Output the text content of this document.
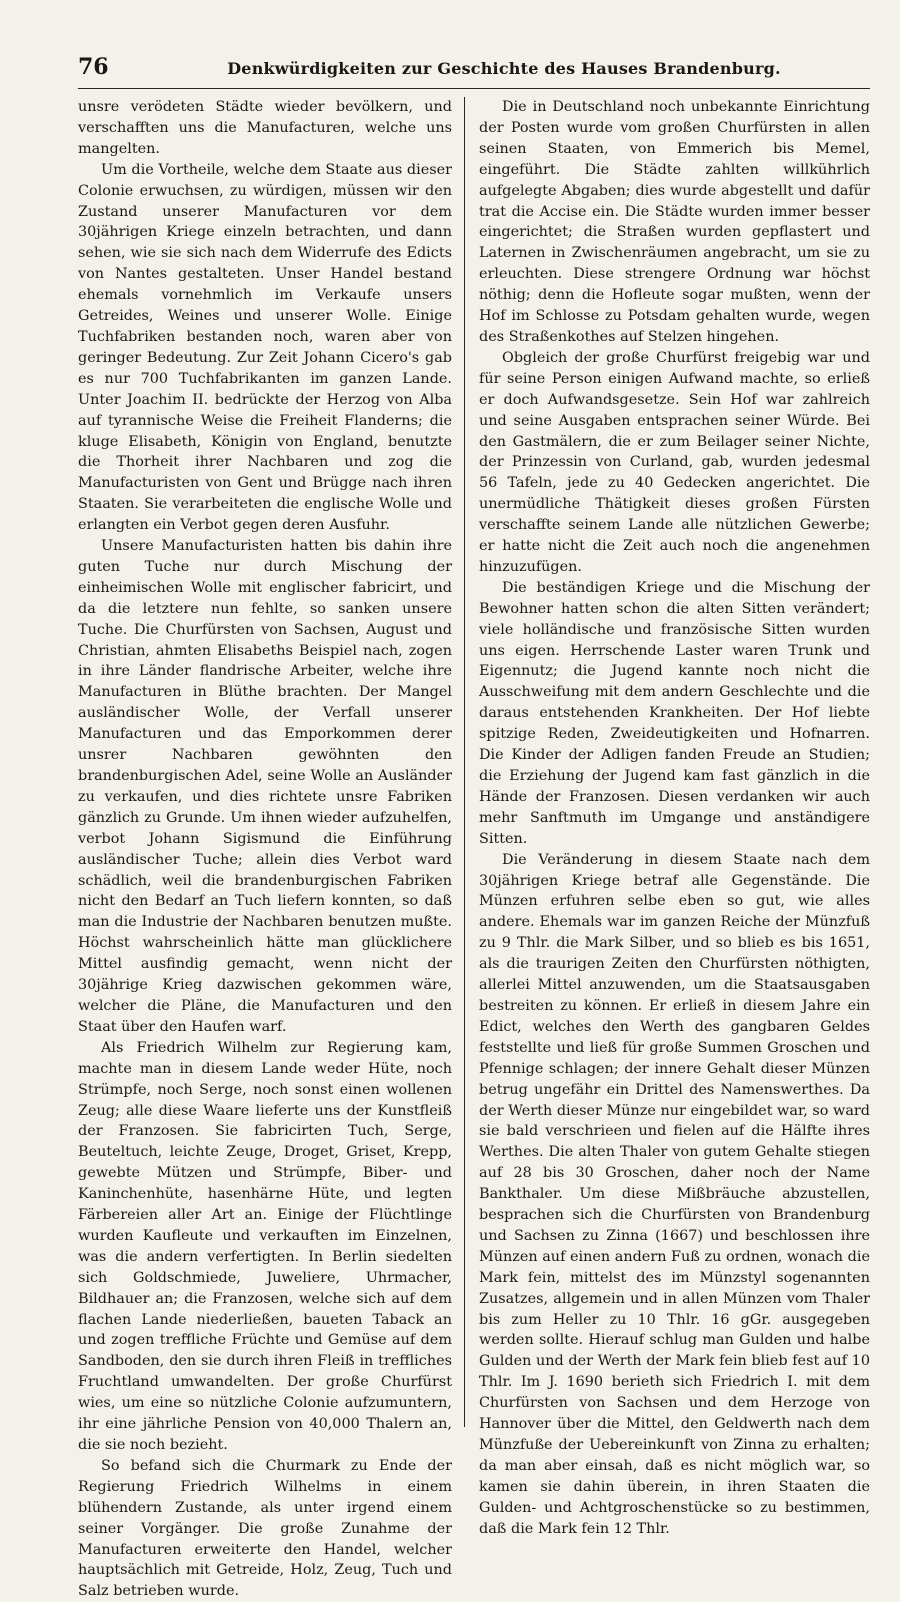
76	Denkwürdigkeiten zur Geschichte des Hauses Brandenburg.

unsre verödeten Städte wieder bevölkern, und verschafften uns die Manufacturen, welche uns mangelten.

Um die Vortheile, welche dem Staate aus dieser Colonie erwuchsen, zu würdigen, müssen wir den Zustand unserer Manufacturen vor dem 30jährigen Kriege einzeln betrachten, und dann sehen, wie sie sich nach dem Widerrufe des Edicts von Nantes gestalteten. Unser Handel bestand ehemals vornehmlich im Verkaufe unsers Getreides, Weines und unserer Wolle. Einige Tuchfabriken bestanden noch, waren aber von geringer Bedeutung. Zur Zeit Johann Cicero's gab es nur 700 Tuchfabrikanten im ganzen Lande. Unter Joachim II. bedrückte der Herzog von Alba auf tyrannische Weise die Freiheit Flanderns; die kluge Elisabeth, Königin von England, benutzte die Thorheit ihrer Nachbaren und zog die Manufacturisten von Gent und Brügge nach ihren Staaten. Sie verarbeiteten die englische Wolle und erlangten ein Verbot gegen deren Ausfuhr.

Unsere Manufacturisten hatten bis dahin ihre guten Tuche nur durch Mischung der einheimischen Wolle mit englischer fabricirt, und da die letztere nun fehlte, so sanken unsere Tuche. Die Churfürsten von Sachsen, August und Christian, ahmten Elisabeths Beispiel nach, zogen in ihre Länder flandrische Arbeiter, welche ihre Manufacturen in Blüthe brachten. Der Mangel ausländischer Wolle, der Verfall unserer Manufacturen und das Emporkommen derer unsrer Nachbaren gewöhnten den brandenburgischen Adel, seine Wolle an Ausländer zu verkaufen, und dies richtete unsre Fabriken gänzlich zu Grunde. Um ihnen wieder aufzuhelfen, verbot Johann Sigismund die Einführung ausländischer Tuche; allein dies Verbot ward schädlich, weil die brandenburgischen Fabriken nicht den Bedarf an Tuch liefern konnten, so daß man die Industrie der Nachbaren benutzen mußte. Höchst wahrscheinlich hätte man glücklichere Mittel ausfindig gemacht, wenn nicht der 30jährige Krieg dazwischen gekommen wäre, welcher die Pläne, die Manufacturen und den Staat über den Haufen warf.

Als Friedrich Wilhelm zur Regierung kam, machte man in diesem Lande weder Hüte, noch Strümpfe, noch Serge, noch sonst einen wollenen Zeug; alle diese Waare lieferte uns der Kunstfleiß der Franzosen. Sie fabricirten Tuch, Serge, Beuteltuch, leichte Zeuge, Droget, Griset, Krepp, gewebte Mützen und Strümpfe, Biber- und Kaninchenhüte, hasenhärne Hüte, und legten Färbereien aller Art an. Einige der Flüchtlinge wurden Kaufleute und verkauften im Einzelnen, was die andern verfertigten. In Berlin siedelten sich Goldschmiede, Juweliere, Uhrmacher, Bildhauer an; die Franzosen, welche sich auf dem flachen Lande niederließen, baueten Taback an und zogen treffliche Früchte und Gemüse auf dem Sandboden, den sie durch ihren Fleiß in treffliches Fruchtland umwandelten. Der große Churfürst wies, um eine so nützliche Colonie aufzumuntern, ihr eine jährliche Pension von 40,000 Thalern an, die sie noch bezieht.

So befand sich die Churmark zu Ende der Regierung Friedrich Wilhelms in einem blühendern Zustande, als unter irgend einem seiner Vorgänger. Die große Zunahme der Manufacturen erweiterte den Handel, welcher hauptsächlich mit Getreide, Holz, Zeug, Tuch und Salz betrieben wurde.

Die in Deutschland noch unbekannte Einrichtung der Posten wurde vom großen Churfürsten in allen seinen Staaten, von Emmerich bis Memel, eingeführt. Die Städte zahlten willkührlich aufgelegte Abgaben; dies wurde abgestellt und dafür trat die Accise ein. Die Städte wurden immer besser eingerichtet; die Straßen wurden gepflastert und Laternen in Zwischenräumen angebracht, um sie zu erleuchten. Diese strengere Ordnung war höchst nöthig; denn die Hofleute sogar mußten, wenn der Hof im Schlosse zu Potsdam gehalten wurde, wegen des Straßenkothes auf Stelzen hingehen.

Obgleich der große Churfürst freigebig war und für seine Person einigen Aufwand machte, so erließ er doch Aufwandsgesetze. Sein Hof war zahlreich und seine Ausgaben entsprachen seiner Würde. Bei den Gastmälern, die er zum Beilager seiner Nichte, der Prinzessin von Curland, gab, wurden jedesmal 56 Tafeln, jede zu 40 Gedecken angerichtet. Die unermüdliche Thätigkeit dieses großen Fürsten verschaffte seinem Lande alle nützlichen Gewerbe; er hatte nicht die Zeit auch noch die angenehmen hinzuzufügen.

Die beständigen Kriege und die Mischung der Bewohner hatten schon die alten Sitten verändert; viele holländische und französische Sitten wurden uns eigen. Herrschende Laster waren Trunk und Eigennutz; die Jugend kannte noch nicht die Ausschweifung mit dem andern Geschlechte und die daraus entstehenden Krankheiten. Der Hof liebte spitzige Reden, Zweideutigkeiten und Hofnarren. Die Kinder der Adligen fanden Freude an Studien; die Erziehung der Jugend kam fast gänzlich in die Hände der Franzosen. Diesen verdanken wir auch mehr Sanftmuth im Umgange und anständigere Sitten.

Die Veränderung in diesem Staate nach dem 30jährigen Kriege betraf alle Gegenstände. Die Münzen erfuhren selbe eben so gut, wie alles andere. Ehemals war im ganzen Reiche der Münzfuß zu 9 Thlr. die Mark Silber, und so blieb es bis 1651, als die traurigen Zeiten den Churfürsten nöthigten, allerlei Mittel anzuwenden, um die Staatsausgaben bestreiten zu können. Er erließ in diesem Jahre ein Edict, welches den Werth des gangbaren Geldes feststellte und ließ für große Summen Groschen und Pfennige schlagen; der innere Gehalt dieser Münzen betrug ungefähr ein Drittel des Namenswerthes. Da der Werth dieser Münze nur eingebildet war, so ward sie bald verschrieen und fielen auf die Hälfte ihres Werthes. Die alten Thaler von gutem Gehalte stiegen auf 28 bis 30 Groschen, daher noch der Name Bankthaler. Um diese Mißbräuche abzustellen, besprachen sich die Churfürsten von Brandenburg und Sachsen zu Zinna (1667) und beschlossen ihre Münzen auf einen andern Fuß zu ordnen, wonach die Mark fein, mittelst des im Münzstyl sogenannten Zusatzes, allgemein und in allen Münzen vom Thaler bis zum Heller zu 10 Thlr. 16 gGr. ausgegeben werden sollte. Hierauf schlug man Gulden und halbe Gulden und der Werth der Mark fein blieb fest auf 10 Thlr. Im J. 1690 berieth sich Friedrich I. mit dem Churfürsten von Sachsen und dem Herzoge von Hannover über die Mittel, den Geldwerth nach dem Münzfuße der Uebereinkunft von Zinna zu erhalten; da man aber einsah, daß es nicht möglich war, so kamen sie dahin überein, in ihren Staaten die Gulden- und Achtgroschenstücke so zu bestimmen, daß die Mark fein 12 Thlr.
